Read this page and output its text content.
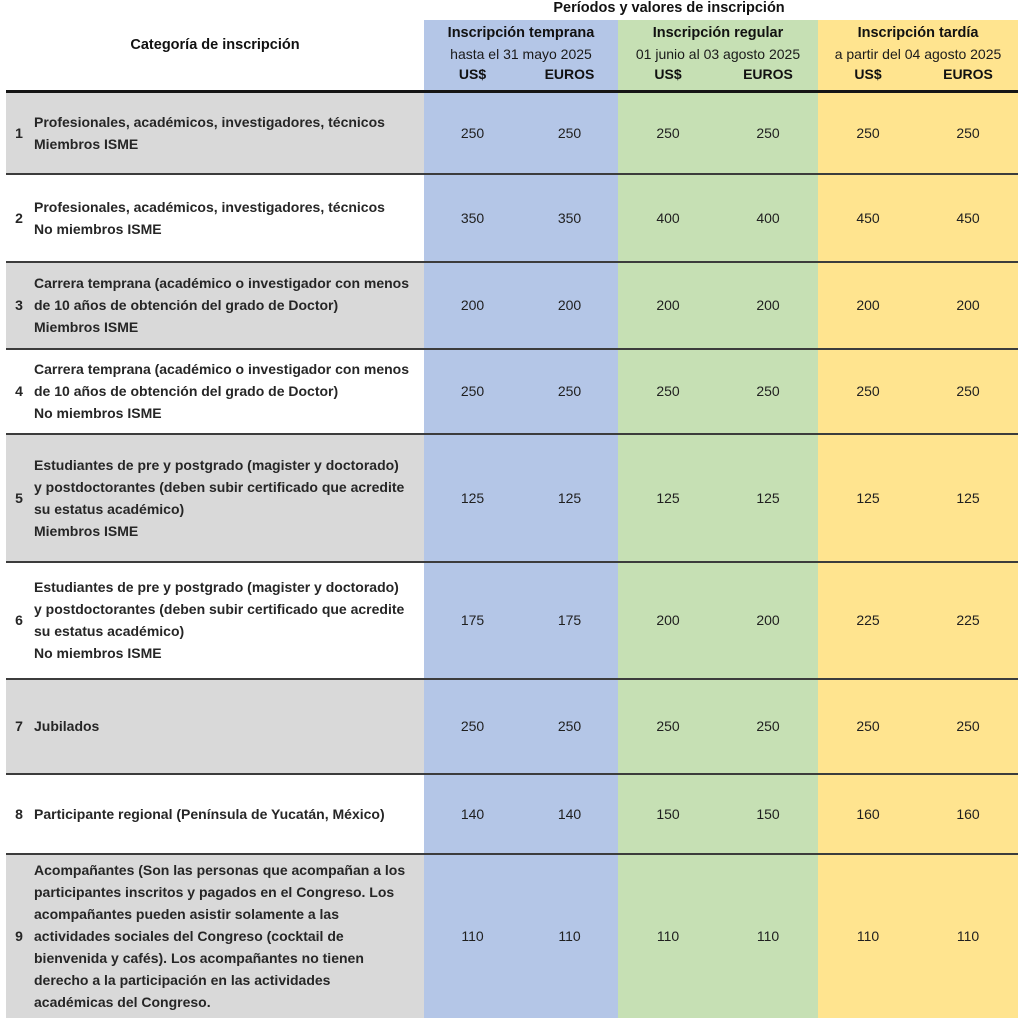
Categoría de inscripción		Períodos y valores de inscripción					

Inscripción temprana
hasta el 31 mayo 2025

Inscripción regular
01 junio al 03 agosto 2025

Inscripción tardía
a partir del 04 agosto 2025

		US$	EUROS	US$	EUROS	US$	EUROS
1	Profesionales, académicos, investigadores, técnicos
Miembros ISME	250	250	250	250	250	250
2	Profesionales, académicos, investigadores, técnicos
No miembros ISME	350	350	400	400	450	450
3	Carrera temprana (académico o investigador con menos de 10 años de obtención del grado de Doctor)
Miembros ISME	200	200	200	200	200	200
4	Carrera temprana (académico o investigador con menos de 10 años de obtención del grado de Doctor)
No miembros ISME	250	250	250	250	250	250
5	Estudiantes de pre y postgrado (magister y doctorado) y postdoctorantes (deben subir certificado que acredite su estatus académico)
Miembros ISME	125	125	125	125	125	125
6	Estudiantes de pre y postgrado (magister y doctorado) y postdoctorantes (deben subir certificado que acredite su estatus académico)
No miembros ISME	175	175	200	200	225	225
7	Jubilados	250	250	250	250	250	250
8	Participante regional (Península de Yucatán, México)	140	140	150	150	160	160
9	Acompañantes (Son las personas que acompañan a los participantes inscritos y pagados en el Congreso. Los acompañantes pueden asistir solamente a las actividades sociales del Congreso (cocktail de bienvenida y cafés). Los acompañantes no tienen derecho a la participación en las actividades académicas del Congreso.	110	110	110	110	110	110
